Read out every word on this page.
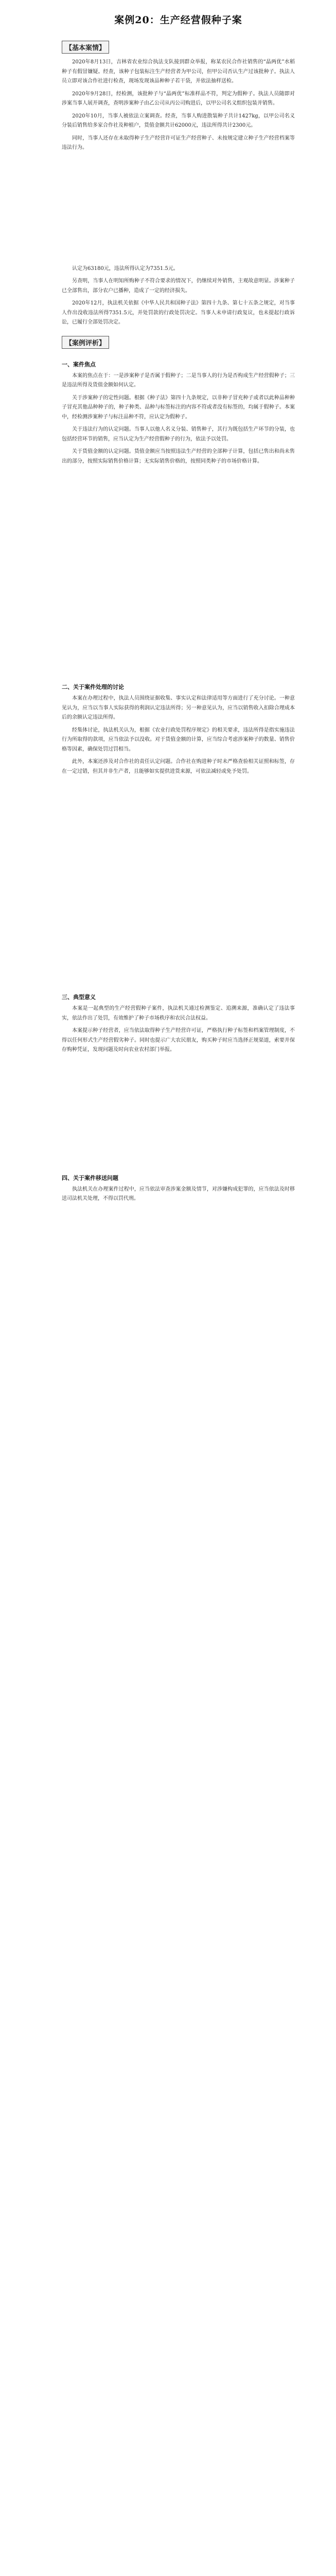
案例20：生产经营假种子案
【基本案情】

2020年8月13日，吉林省农业综合执法支队接到群众举报，称某农民合作社销售的“晶两优”水稻种子有假冒嫌疑。经查，该种子包装标注生产经营者为甲公司，但甲公司否认生产过该批种子。执法人员立即对该合作社进行检查，现场发现该品种种子若干袋，并依法抽样送检。

2020年9月28日，经检测，该批种子与“晶两优”标准样品不符，判定为假种子。执法人员随即对涉案当事人展开调查，查明涉案种子由乙公司从丙公司购进后，以甲公司名义组织包装并销售。

2020年10月，当事人被依法立案调查。经查，当事人购进散装种子共计1427kg，以甲公司名义分装后销售给多家合作社及种植户，货值金额共计62000元，违法所得共计2300元。

同时，当事人还存在未取得种子生产经营许可证生产经营种子、未按规定建立种子生产经营档案等违法行为。

认定为63180元，违法所得认定为7351.5元。

另查明，当事人在明知所购种子不符合要求的情况下，仍继续对外销售，主观故意明显。涉案种子已全部售出，部分农户已播种，造成了一定的经济损失。

2020年12月，执法机关依据《中华人民共和国种子法》第四十九条、第七十五条之规定，对当事人作出没收违法所得7351.5元，并处罚款的行政处罚决定。当事人未申请行政复议，也未提起行政诉讼，已履行全部处罚决定。

【案例评析】
一、案件焦点

本案的焦点在于：一是涉案种子是否属于假种子；二是当事人的行为是否构成生产经营假种子；三是违法所得及货值金额如何认定。

关于涉案种子的定性问题。根据《种子法》第四十九条规定，以非种子冒充种子或者以此种品种种子冒充其他品种种子的，种子种类、品种与标签标注的内容不符或者没有标签的，均属于假种子。本案中，经检测涉案种子与标注品种不符，应认定为假种子。

关于违法行为的认定问题。当事人以他人名义分装、销售种子，其行为既包括生产环节的分装，也包括经营环节的销售，应当认定为生产经营假种子的行为，依法予以处罚。

关于货值金额的认定问题。货值金额应当按照违法生产经营的全部种子计算，包括已售出和尚未售出的部分，按照实际销售价格计算；无实际销售价格的，按照同类种子的市场价格计算。

二、关于案件处理的讨论

本案在办理过程中，执法人员围绕证据收集、事实认定和法律适用等方面进行了充分讨论。一种意见认为，应当以当事人实际获得的利润认定违法所得；另一种意见认为，应当以销售收入扣除合理成本后的余额认定违法所得。

经集体讨论，执法机关认为，根据《农业行政处罚程序规定》的相关要求，违法所得是指实施违法行为所取得的款项，应当依法予以没收。对于货值金额的计算，应当综合考虑涉案种子的数量、销售价格等因素，确保处罚过罚相当。

此外，本案还涉及对合作社的责任认定问题。合作社在购进种子时未严格查验相关证照和标签，存在一定过错，但其并非生产者，且能够如实提供进货来源，可依法减轻或免予处罚。

三、典型意义

本案是一起典型的生产经营假种子案件，执法机关通过检测鉴定、追溯来源，准确认定了违法事实，依法作出了处罚，有效维护了种子市场秩序和农民合法权益。

本案提示种子经营者，应当依法取得种子生产经营许可证，严格执行种子标签和档案管理制度，不得以任何形式生产经营假劣种子。同时也提示广大农民朋友，购买种子时应当选择正规渠道，索要并保存购种凭证，发现问题及时向农业农村部门举报。

四、关于案件移送问题

执法机关在办理案件过程中，应当依法审查涉案金额及情节，对涉嫌构成犯罪的，应当依法及时移送司法机关处理，不得以罚代刑。
